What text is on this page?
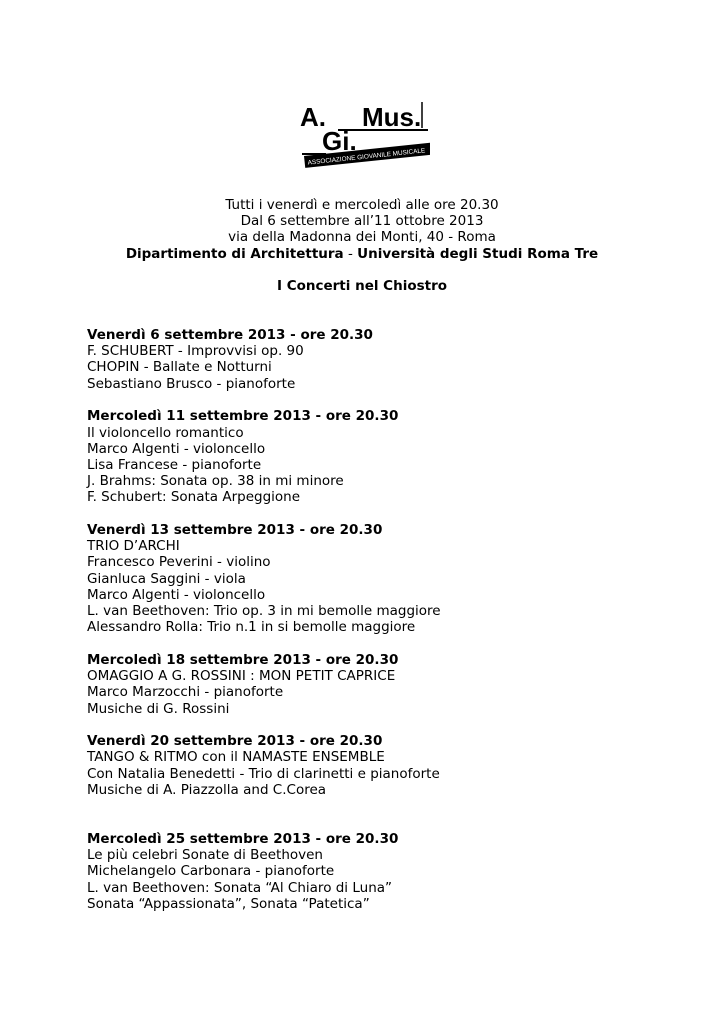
A. Mus.
Gi.
ASSOCIAZIONE GIOVANILE MUSICALE
Tutti i venerdì e mercoledì alle ore 20.30
Dal 6 settembre all’11 ottobre 2013
via della Madonna dei Monti, 40 - Roma
Dipartimento di Architettura - Università degli Studi Roma Tre
I Concerti nel Chiostro
Venerdì 6 settembre 2013 - ore 20.30
F. SCHUBERT - Improvvisi op. 90
CHOPIN - Ballate e Notturni
Sebastiano Brusco - pianoforte
Mercoledì 11 settembre 2013 - ore 20.30
Il violoncello romantico
Marco Algenti - violoncello
Lisa Francese - pianoforte
J. Brahms: Sonata op. 38 in mi minore
F. Schubert: Sonata Arpeggione
Venerdì 13 settembre 2013 - ore 20.30
TRIO D’ARCHI
Francesco Peverini - violino
Gianluca Saggini - viola
Marco Algenti - violoncello
L. van Beethoven: Trio op. 3 in mi bemolle maggiore
Alessandro Rolla: Trio n.1 in si bemolle maggiore
Mercoledì 18 settembre 2013 - ore 20.30
OMAGGIO A G. ROSSINI : MON PETIT CAPRICE
Marco Marzocchi - pianoforte
Musiche di G. Rossini
Venerdì 20 settembre 2013 - ore 20.30
TANGO & RITMO con il NAMASTE ENSEMBLE
Con Natalia Benedetti - Trio di clarinetti e pianoforte
Musiche di A. Piazzolla and C.Corea
Mercoledì 25 settembre 2013 - ore 20.30
Le più celebri Sonate di Beethoven
Michelangelo Carbonara - pianoforte
L. van Beethoven: Sonata “Al Chiaro di Luna”
Sonata “Appassionata”, Sonata “Patetica”
